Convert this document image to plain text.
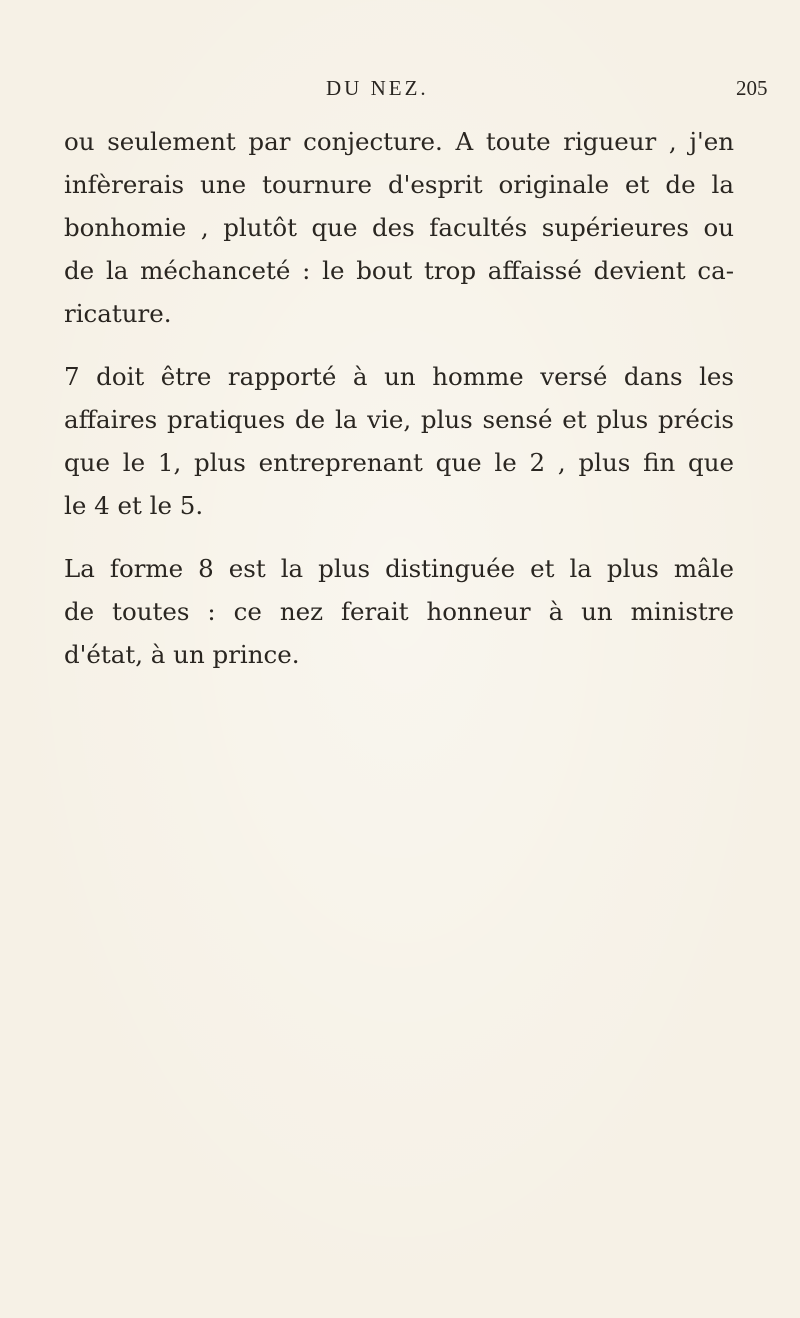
DU NEZ.	205
ou seulement par conjecture. A toute rigueur , j'en
infèrerais une tournure d'esprit originale et de la
bonhomie , plutôt que des facultés supérieures ou
de la méchanceté : le bout trop affaissé devient ca-
ricature.
7 doit être rapporté à un homme versé dans les
affaires pratiques de la vie, plus sensé et plus précis
que le 1, plus entreprenant que le 2 , plus fin que
le 4 et le 5.
La forme 8 est la plus distinguée et la plus mâle
de toutes : ce nez ferait honneur à un ministre
d'état, à un prince.
